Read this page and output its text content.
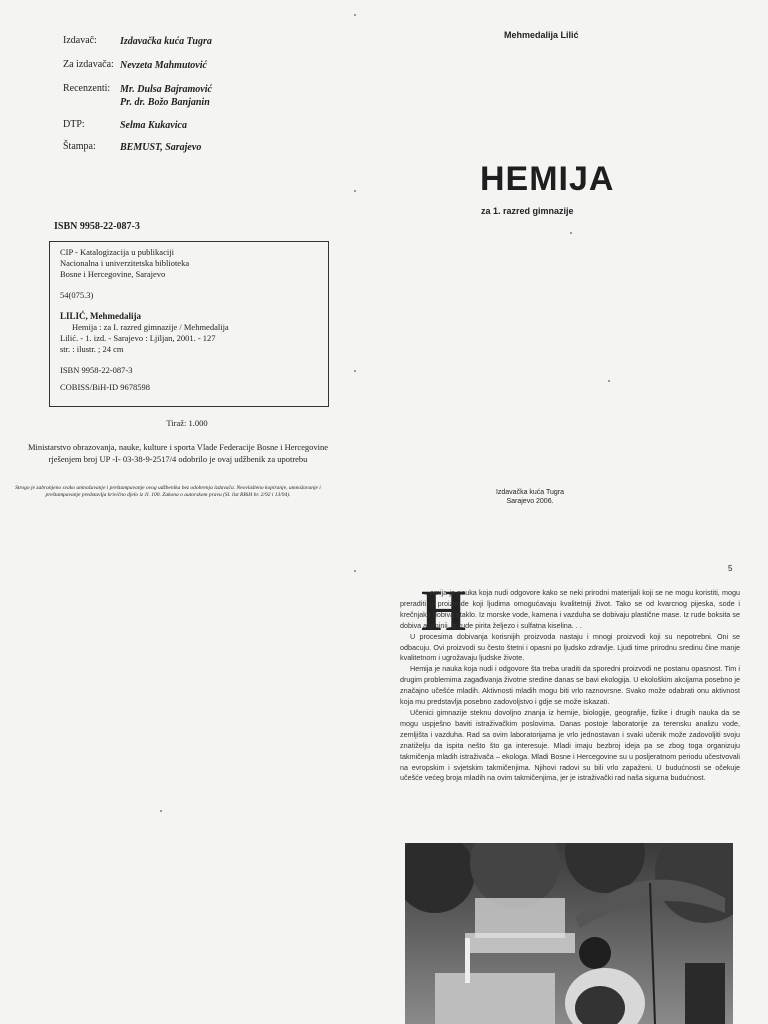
Izdavač:	Izdavačka kuća Tugra
Za izdavača: Nevzeta Mahmutović
Recenzenti: Mr. Dulsa Bajramović
Pr. dr. Božo Banjanin
DTP:	Selma Kukavica
Štampa:	BEMUST, Sarajevo
ISBN 9958-22-087-3
CIP - Katalogizacija u publikaciji
Nacionalna i univerzitetska biblioteka
Bosne i Hercegovine, Sarajevo
54(075.3)
LILIĆ, Mehmedalija
Hemija : za I. razred gimnazije / Mehmedalija
Lilić. - 1. izd. - Sarajevo : Ljiljan, 2001. - 127
str. : ilustr. ; 24 cm
ISBN 9958-22-087-3
COBISS/BiH-ID 9678598
Tiraž: 1.000
Ministarstvo obrazovanja, nauke, kulture i sporta Vlade Federacije Bosne i Hercegovine rješenjem broj UP -I- 03-38-9-2517/4 odobrilo je ovaj udžbenik za upotrebu
Strogo je zabranjeno svako umnožavanje i preštampavanje ovog udžbenika bez odobrenja izdavača. Neovlašteno kopiranje, umnožavanje i preštampavanje predstavlja krivično djelo iz čl. 100. Zakona o autorskom pravu (Sl. list RBiH br. 2/92 i 13/94).
Mehmedalija Lilić
HEMIJA
za 1. razred gimnazije
Izdavačka kuća Tugra
Sarajevo 2006.
5
H

emija je nauka koja nudi odgovore kako se neki prirodni materijali koji se ne mogu koristiti, mogu preraditi u proizvode koji ljudima omogućavaju kvalitetniji život. Tako se od kvarcnog pijeska, sode i krečnjaka dobiva staklo. Iz morske vode, kamena i vazduha se dobivaju plastične mase. Iz rude boksita se dobiva aluminij, iz rude pirita željezo i sulfatna kiselina. . .

U procesima dobivanja korisnijih proizvoda nastaju i mnogi proizvodi koji su nepotrebni. Oni se odbacuju. Ovi proizvodi su često štetni i opasni po ljudsko zdravlje. Ljudi time prirodnu sredinu čine manje kvalitetnom i ugrožavaju ljudske živote.

Hemija je nauka koja nudi i odgovore šta treba uraditi da sporedni proizvodi ne postanu opasnost. Tim i drugim problemima zagađivanja životne sredine danas se bavi ekologija. U ekološkim akcijama posebno je značajno učešće mladih. Aktivnosti mladih mogu biti vrlo raznovrsne. Svako može odabrati onu aktivnost koja mu predstavlja posebno zadovoljstvo i gdje se može iskazati.

Učenici gimnazije steknu dovoljno znanja iz hemije, biologije, geografije, fizike i drugih nauka da se mogu uspješno baviti istraživačkim poslovima. Danas postoje laboratorije za terensku analizu vode, zemljišta i vazduha. Rad sa ovim laboratorijama je vrlo jednostavan i svaki učenik može zadovoljiti svoju znatiželju da ispita nešto što ga interesuje. Mladi imaju bezbroj ideja pa se zbog toga organizuju takmičenja mladih istraživača – ekologa. Mladi Bosne i Hercegovine su u posljeratnom periodu učestvovali na evropskim i svjetskim takmičenjima. Njihovi radovi su bili vrlo zapaženi. U budućnosti se očekuje učešće većeg broja mladih na ovim takmičenjima, jer je istraživački rad naša sigurna budućnost.
